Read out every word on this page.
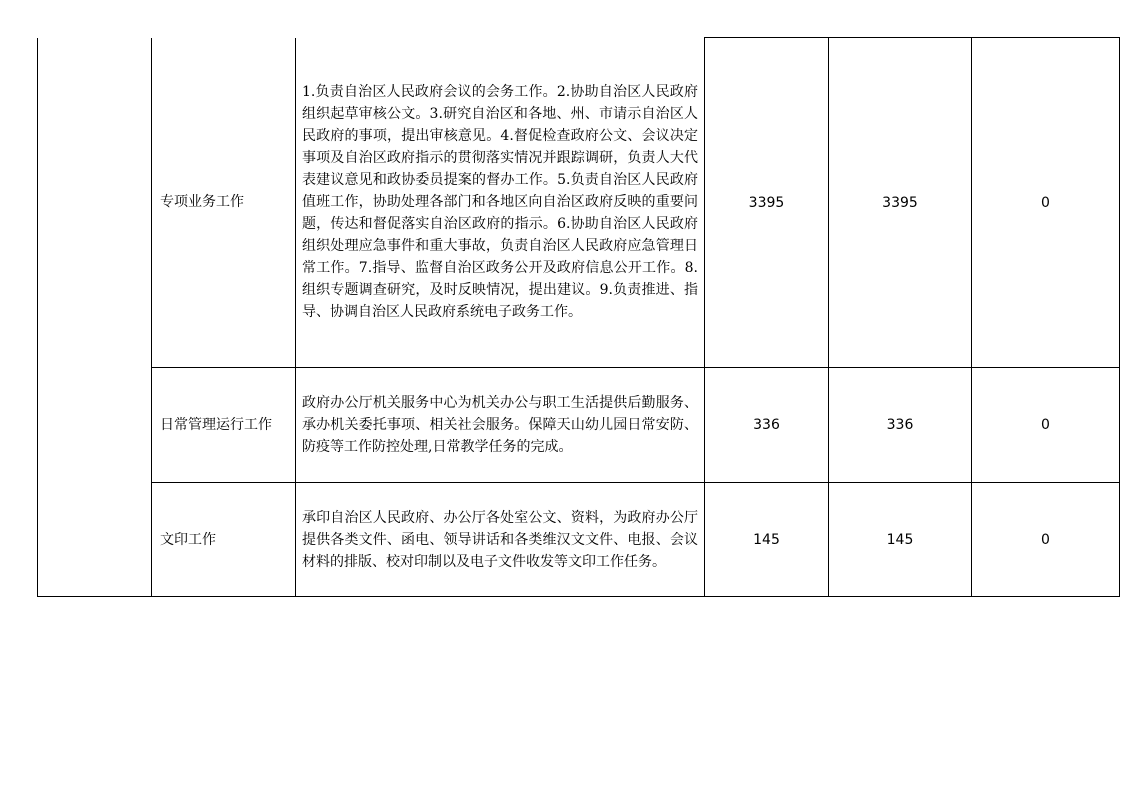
	专项业务工作	1.负责自治区人民政府会议的会务工作。2.协助自治区人民政府组织起草审核公文。3.研究自治区和各地、州、市请示自治区人民政府的事项，提出审核意见。4.督促检查政府公文、会议决定事项及自治区政府指示的贯彻落实情况并跟踪调研，负责人大代表建议意见和政协委员提案的督办工作。5.负责自治区人民政府值班工作，协助处理各部门和各地区向自治区政府反映的重要问题，传达和督促落实自治区政府的指示。6.协助自治区人民政府组织处理应急事件和重大事故，负责自治区人民政府应急管理日常工作。7.指导、监督自治区政务公开及政府信息公开工作。8.组织专题调查研究，及时反映情况，提出建议。9.负责推进、指导、协调自治区人民政府系统电子政务工作。	3395	3395	0

	日常管理运行工作	政府办公厅机关服务中心为机关办公与职工生活提供后勤服务、承办机关委托事项、相关社会服务。保障天山幼儿园日常安防、防疫等工作防控处理,日常教学任务的完成。	336	336	0

	文印工作	承印自治区人民政府、办公厅各处室公文、资料，为政府办公厅提供各类文件、函电、领导讲话和各类维汉文文件、电报、会议材料的排版、校对印制以及电子文件收发等文印工作任务。	145	145	0
